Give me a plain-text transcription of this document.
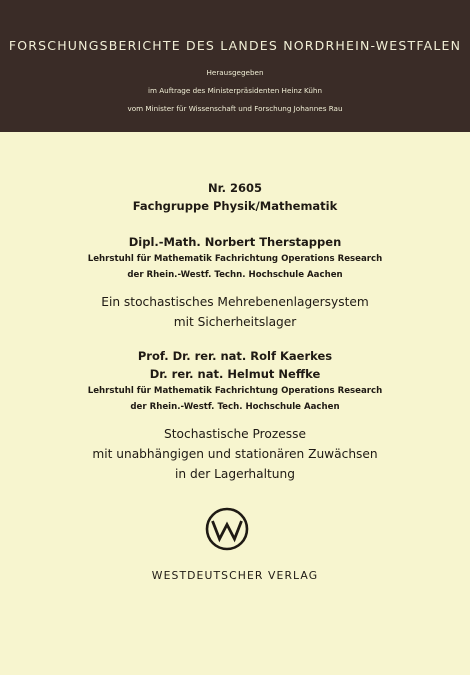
FORSCHUNGSBERICHTE DES LANDES NORDRHEIN-WESTFALEN
Herausgegeben
im Auftrage des Ministerpräsidenten Heinz Kühn
vom Minister für Wissenschaft und Forschung Johannes Rau
Nr. 2605
Fachgruppe Physik/Mathematik
Dipl.-Math. Norbert Therstappen
Lehrstuhl für Mathematik Fachrichtung Operations Research
der Rhein.-Westf. Techn. Hochschule Aachen
Ein stochastisches Mehrebenenlagersystem
mit Sicherheitslager
Prof. Dr. rer. nat. Rolf Kaerkes
Dr. rer. nat. Helmut Neffke
Lehrstuhl für Mathematik Fachrichtung Operations Research
der Rhein.-Westf. Tech. Hochschule Aachen
Stochastische Prozesse
mit unabhängigen und stationären Zuwächsen
in der Lagerhaltung
WESTDEUTSCHER VERLAG
